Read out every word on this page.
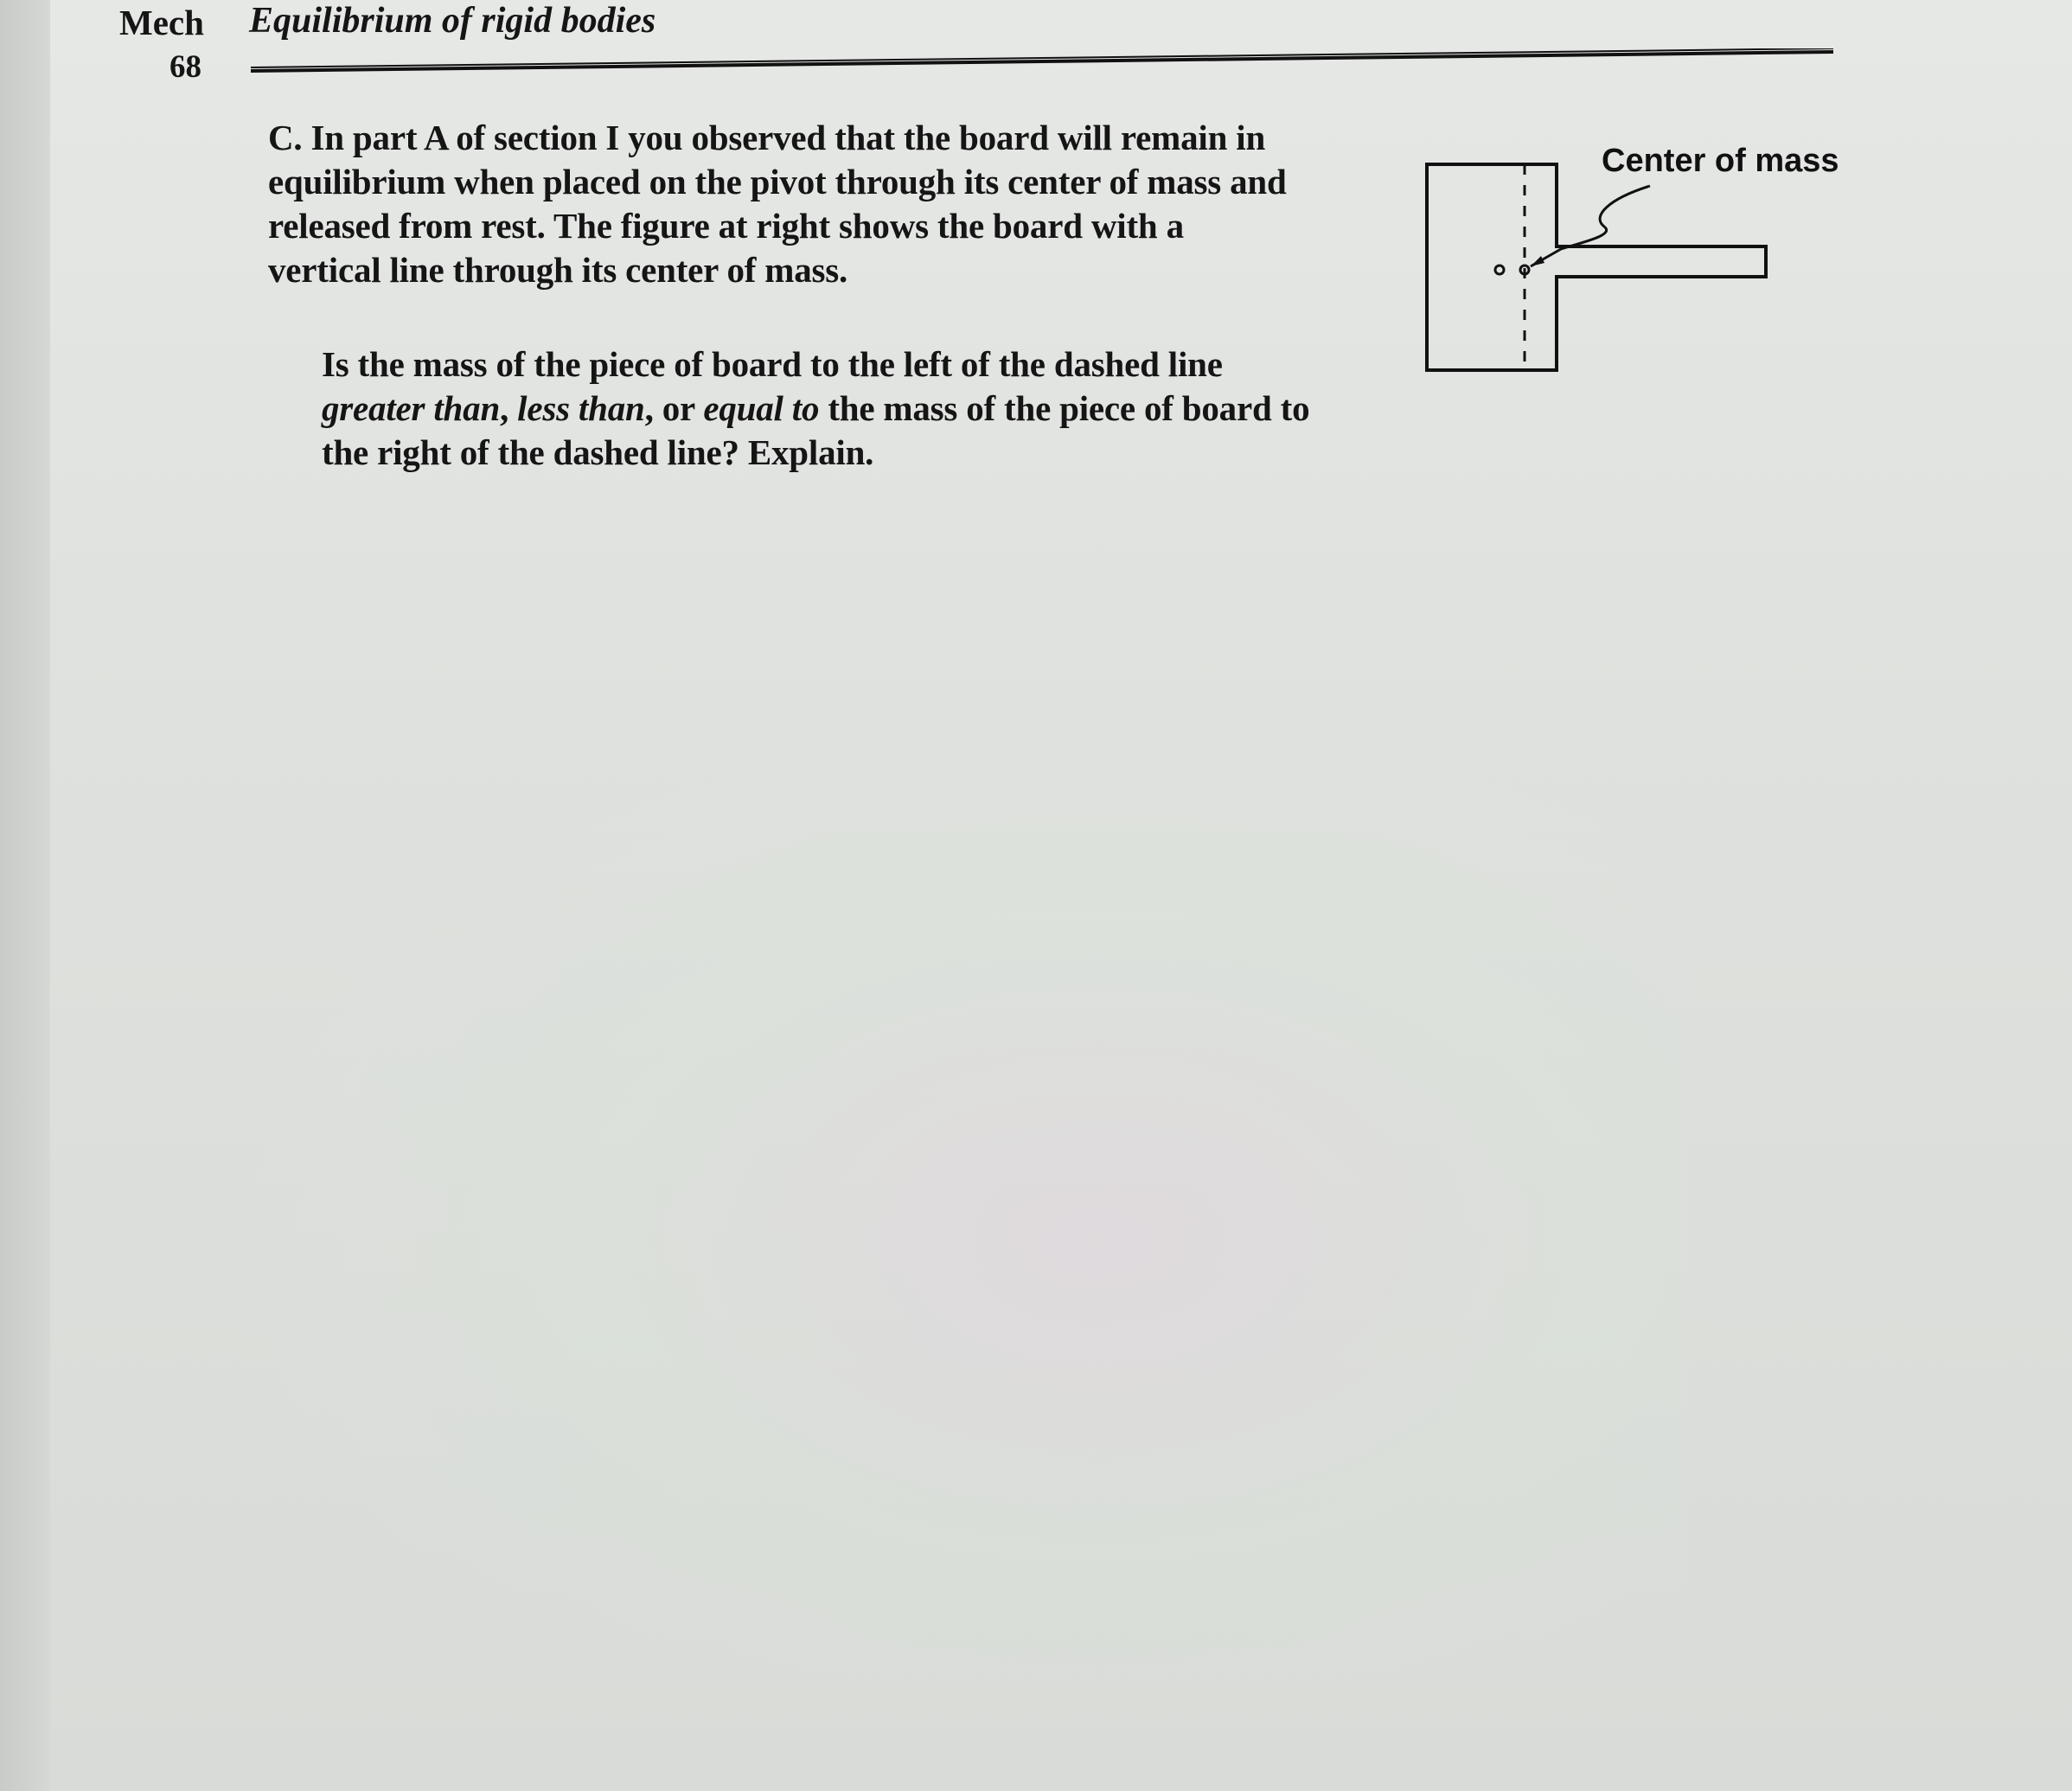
Mech
68
Equilibrium of rigid bodies
C. In part A of section I you observed that the board will remain in
equilibrium when placed on the pivot through its center of mass and
released from rest. The figure at right shows the board with a
vertical line through its center of mass.
Is the mass of the piece of board to the left of the dashed line
greater than, less than, or equal to the mass of the piece of board to
the right of the dashed line? Explain.
Center of mass
